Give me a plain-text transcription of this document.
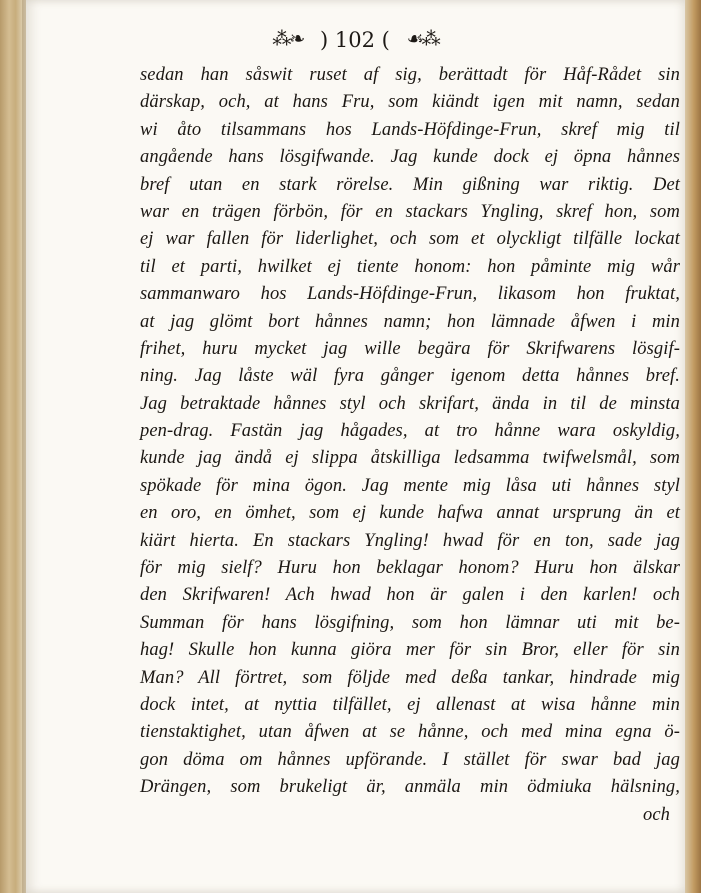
⁂❧ ) 102 ( ☙⁂
sedan han såswit ruset af sig, berättadt för Håf-Rådet sin
därskap, och, at hans Fru, som kiändt igen mit namn, sedan
wi åto tilsammans hos Lands-Höfdinge-Frun, skref mig til
angående hans lösgifwande. Jag kunde dock ej öpna hånnes
bref utan en stark rörelse. Min gißning war riktig. Det
war en trägen förbön, för en stackars Yngling, skref hon, som
ej war fallen för liderlighet, och som et olyckligt tilfälle lockat
til et parti, hwilket ej tiente honom: hon påminte mig wår
sammanwaro hos Lands-Höfdinge-Frun, likasom hon fruktat,
at jag glömt bort hånnes namn; hon lämnade åfwen i min
frihet, huru mycket jag wille begära för Skrifwarens lösgif-
ning. Jag låste wäl fyra gånger igenom detta hånnes bref.
Jag betraktade hånnes styl och skrifart, ända in til de minsta
pen-drag. Fastän jag hågades, at tro hånne wara oskyldig,
kunde jag ändå ej slippa åtskilliga ledsamma twifwelsmål, som
spökade för mina ögon. Jag mente mig låsa uti hånnes styl
en oro, en ömhet, som ej kunde hafwa annat ursprung än et
kiärt hierta. En stackars Yngling! hwad för en ton, sade jag
för mig sielf? Huru hon beklagar honom? Huru hon älskar
den Skrifwaren! Ach hwad hon är galen i den karlen! och
Summan för hans lösgifning, som hon lämnar uti mit be-
hag! Skulle hon kunna giöra mer för sin Bror, eller för sin
Man? All förtret, som följde med deßa tankar, hindrade mig
dock intet, at nyttia tilfället, ej allenast at wisa hånne min
tienstaktighet, utan åfwen at se hånne, och med mina egna ö-
gon döma om hånnes upförande. I stället för swar bad jag
Drängen, som brukeligt är, anmäla min ödmiuka hälsning,
och
